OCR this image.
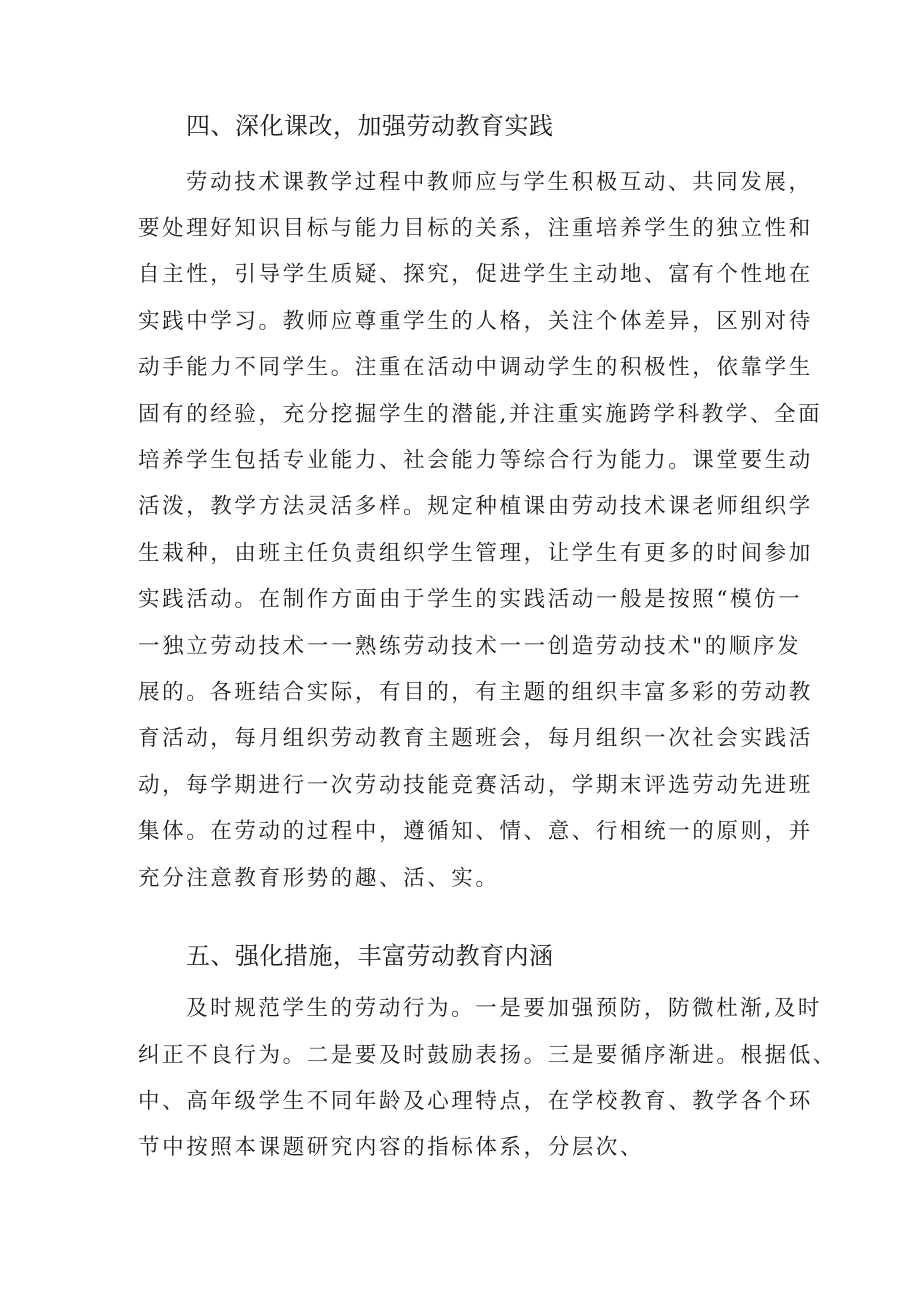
四、深化课改，加强劳动教育实践
劳动技术课教学过程中教师应与学生积极互动、共同发展，
要处理好知识目标与能力目标的关系，注重培养学生的独立性和
自主性，引导学生质疑、探究，促进学生主动地、富有个性地在
实践中学习。教师应尊重学生的人格，关注个体差异，区别对待
动手能力不同学生。注重在活动中调动学生的积极性，依靠学生
固有的经验，充分挖掘学生的潜能,并注重实施跨学科教学、全面
培养学生包括专业能力、社会能力等综合行为能力。课堂要生动
活泼，教学方法灵活多样。规定种植课由劳动技术课老师组织学
生栽种，由班主任负责组织学生管理，让学生有更多的时间参加
实践活动。在制作方面由于学生的实践活动一般是按照“模仿一
一独立劳动技术一一熟练劳动技术一一创造劳动技术"的顺序发
展的。各班结合实际，有目的，有主题的组织丰富多彩的劳动教
育活动，每月组织劳动教育主题班会，每月组织一次社会实践活
动，每学期进行一次劳动技能竞赛活动，学期末评选劳动先进班
集体。在劳动的过程中，遵循知、情、意、行相统一的原则，并
充分注意教育形势的趣、活、实。
五、强化措施，丰富劳动教育内涵
及时规范学生的劳动行为。一是要加强预防，防微杜渐,及时
纠正不良行为。二是要及时鼓励表扬。三是要循序渐进。根据低、
中、高年级学生不同年龄及心理特点，在学校教育、教学各个环
节中按照本课题研究内容的指标体系，分层次、
